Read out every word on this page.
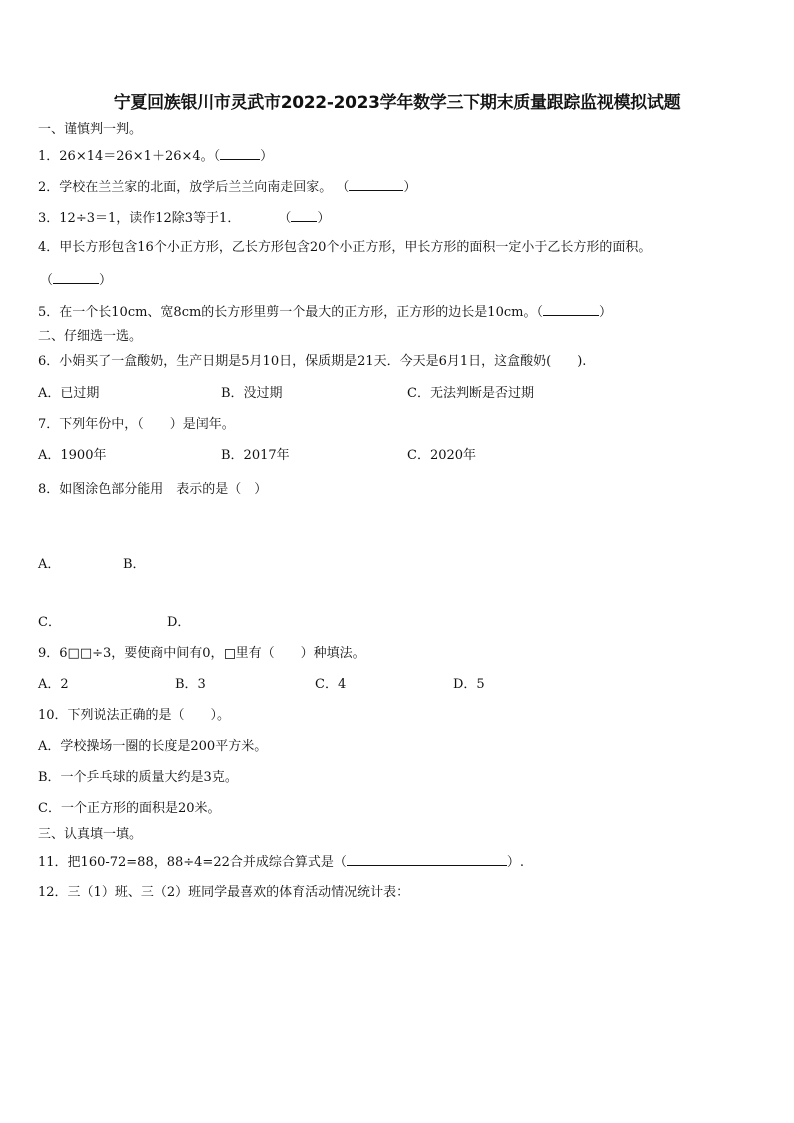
宁夏回族银川市灵武市2022-2023学年数学三下期末质量跟踪监视模拟试题
一、谨慎判一判。
1．26×14＝26×1＋26×4。（	）
2．学校在兰兰家的北面，放学后兰兰向南走回家。 （	）
3．12÷3＝1，读作12除3等于1．	（ ）
4．甲长方形包含16个小正方形，乙长方形包含20个小正方形，甲长方形的面积一定小于乙长方形的面积。
（	）
5．在一个长10cm、宽8cm的长方形里剪一个最大的正方形，正方形的边长是10cm。（	）
二、仔细选一选。
6．小娟买了一盒酸奶，生产日期是5月10日，保质期是21天．今天是6月1日，这盒酸奶(　　).
A．已过期	B．没过期	C．无法判断是否过期
7．下列年份中，（　　）是闰年。
A．1900年	B．2017年	C．2020年
8．如图涂色部分能用　表示的是（　）
A．	B．
C．	D．
9．6□□÷3，要使商中间有0， 里有（　　）种填法。
A．2	B．3	C．4	D．5
10．下列说法正确的是（　　）。
A．学校操场一圈的长度是200平方米。
B．一个乒乓球的质量大约是3克。
C．一个正方形的面积是20米。
三、认真填一填。
11．把160-72=88，88÷4=22合并成综合算式是（	）.
12．三（1）班、三（2）班同学最喜欢的体育活动情况统计表：
